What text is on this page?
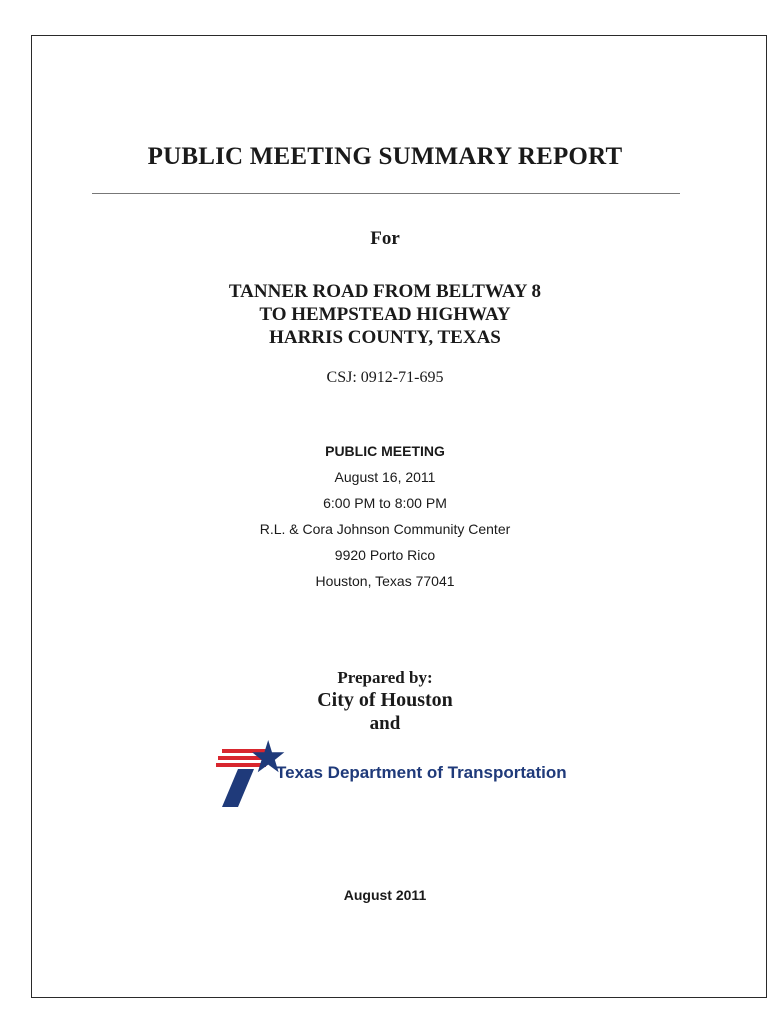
PUBLIC MEETING SUMMARY REPORT
For
TANNER ROAD FROM BELTWAY 8
TO HEMPSTEAD HIGHWAY
HARRIS COUNTY, TEXAS
CSJ: 0912-71-695
PUBLIC MEETING
August 16, 2011
6:00 PM to 8:00 PM
R.L. & Cora Johnson Community Center
9920 Porto Rico
Houston, Texas 77041
Prepared by:
City of Houston
and
Texas Department of Transportation
August 2011
